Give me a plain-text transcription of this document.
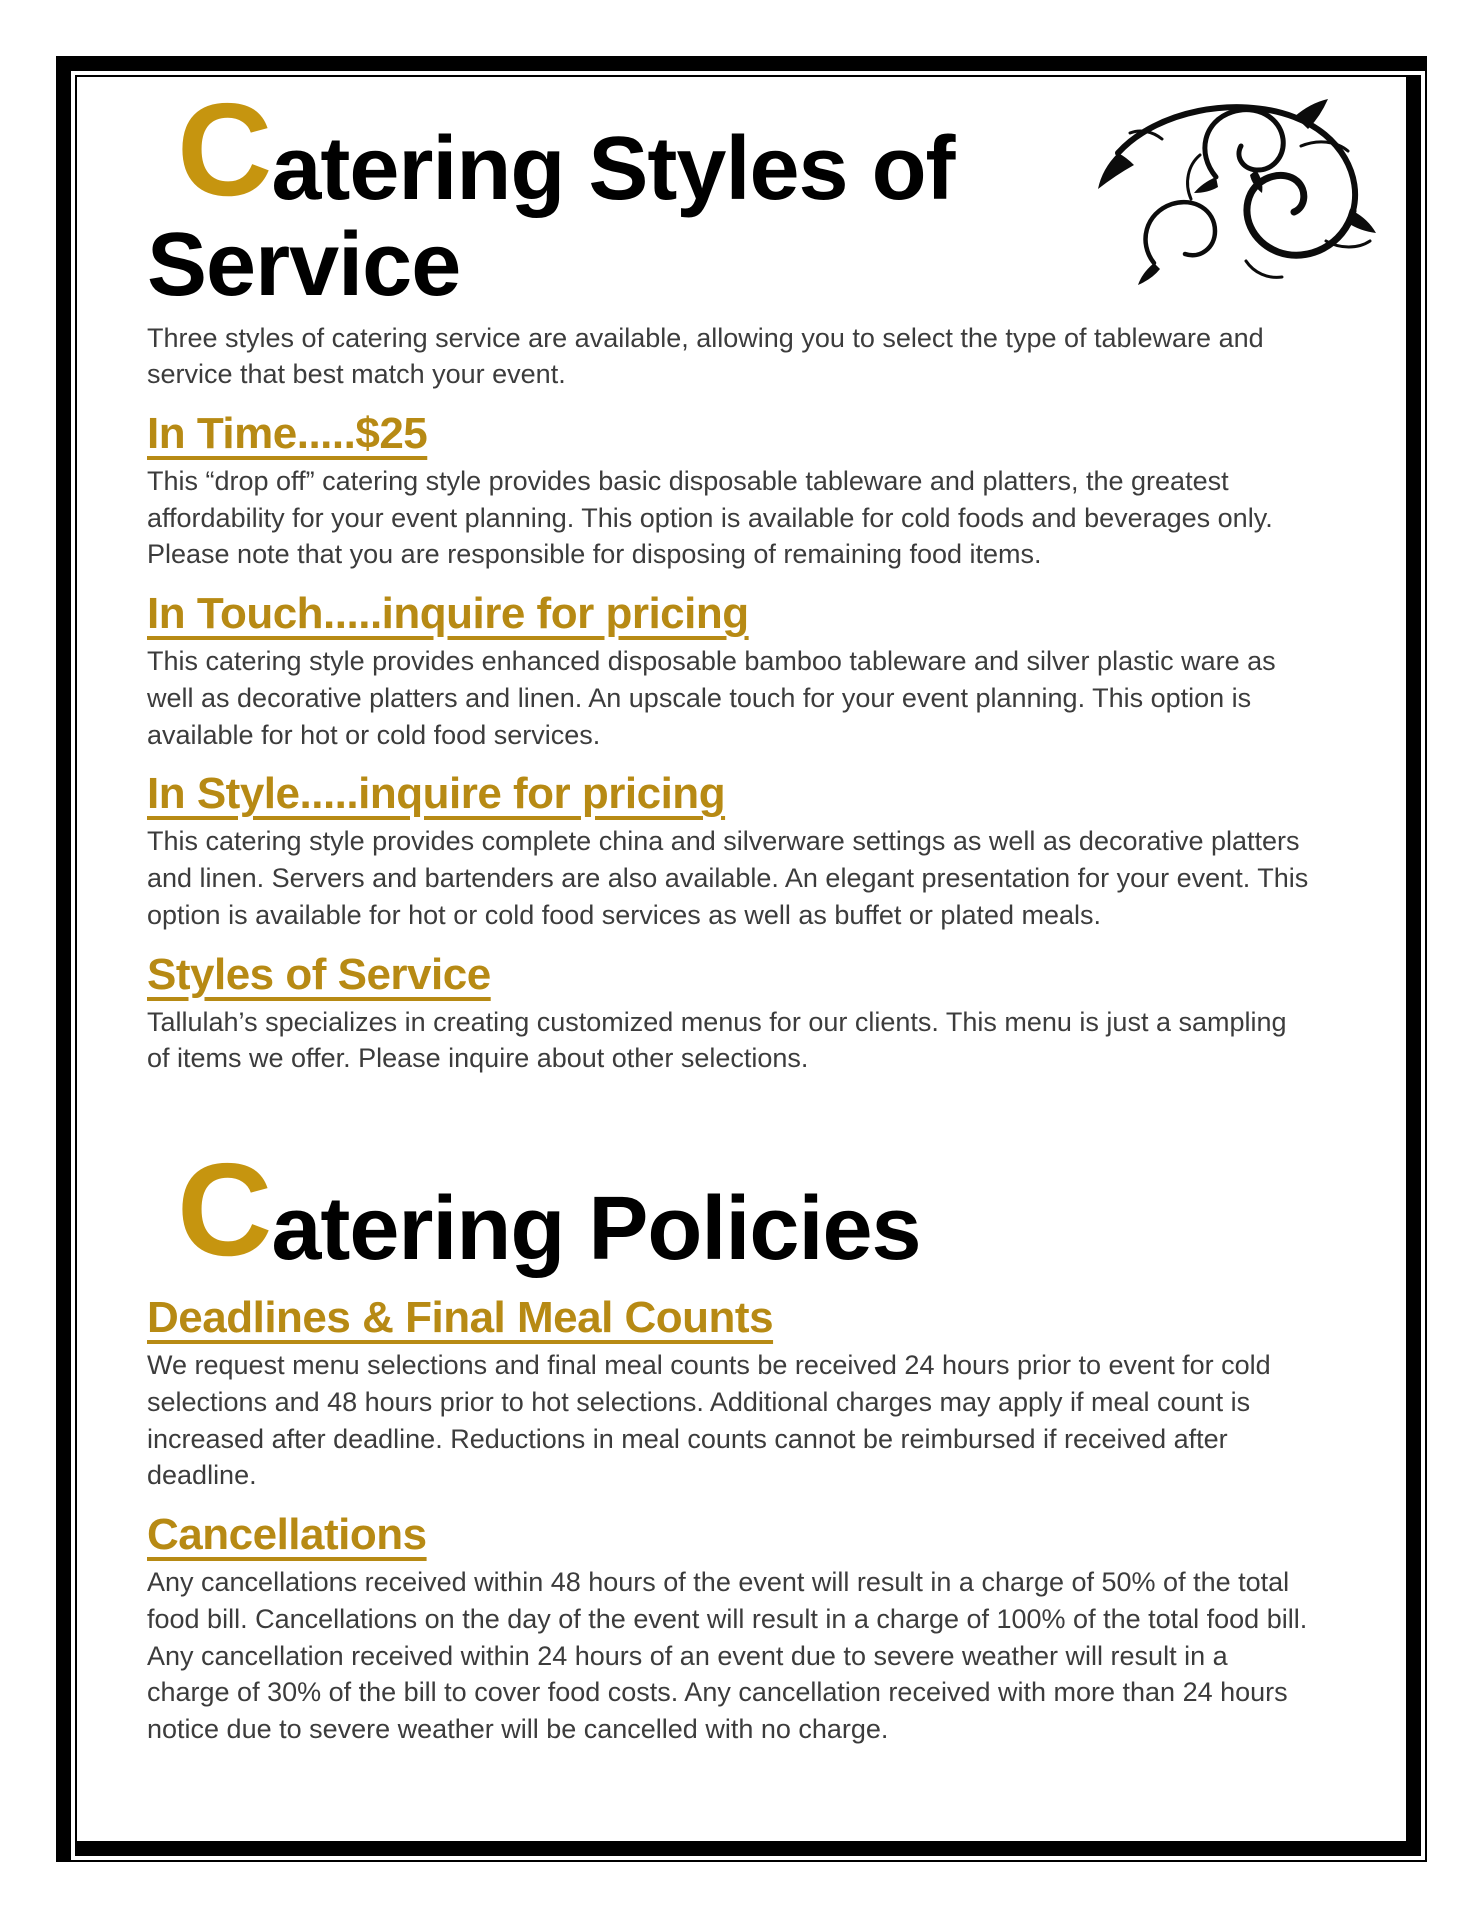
Catering Styles of
Service

Three styles of catering service are available, allowing you to select the type of tableware and service that best match your event.

In Time.....$25

This “drop off” catering style provides basic disposable tableware and platters, the greatest affordability for your event planning. This option is available for cold foods and beverages only. Please note that you are responsible for disposing of remaining food items.

In Touch.....inquire for pricing

This catering style provides enhanced disposable bamboo tableware and silver plastic ware as well as decorative platters and linen. An upscale touch for your event planning. This option is available for hot or cold food services.

In Style.....inquire for pricing

This catering style provides complete china and silverware settings as well as decorative platters and linen. Servers and bartenders are also available. An elegant presentation for your event. This option is available for hot or cold food services as well as buffet or plated meals.

Styles of Service

Tallulah’s specializes in creating customized menus for our clients. This menu is just a sampling of items we offer. Please inquire about other selections.

Catering Policies
Deadlines & Final Meal Counts

We request menu selections and final meal counts be received 24 hours prior to event for cold selections and 48 hours prior to hot selections. Additional charges may apply if meal count is increased after deadline. Reductions in meal counts cannot be reimbursed if received after deadline.

Cancellations

Any cancellations received within 48 hours of the event will result in a charge of 50% of the total food bill. Cancellations on the day of the event will result in a charge of 100% of the total food bill. Any cancellation received within 24 hours of an event due to severe weather will result in a charge of 30% of the bill to cover food costs. Any cancellation received with more than 24 hours notice due to severe weather will be cancelled with no charge.
